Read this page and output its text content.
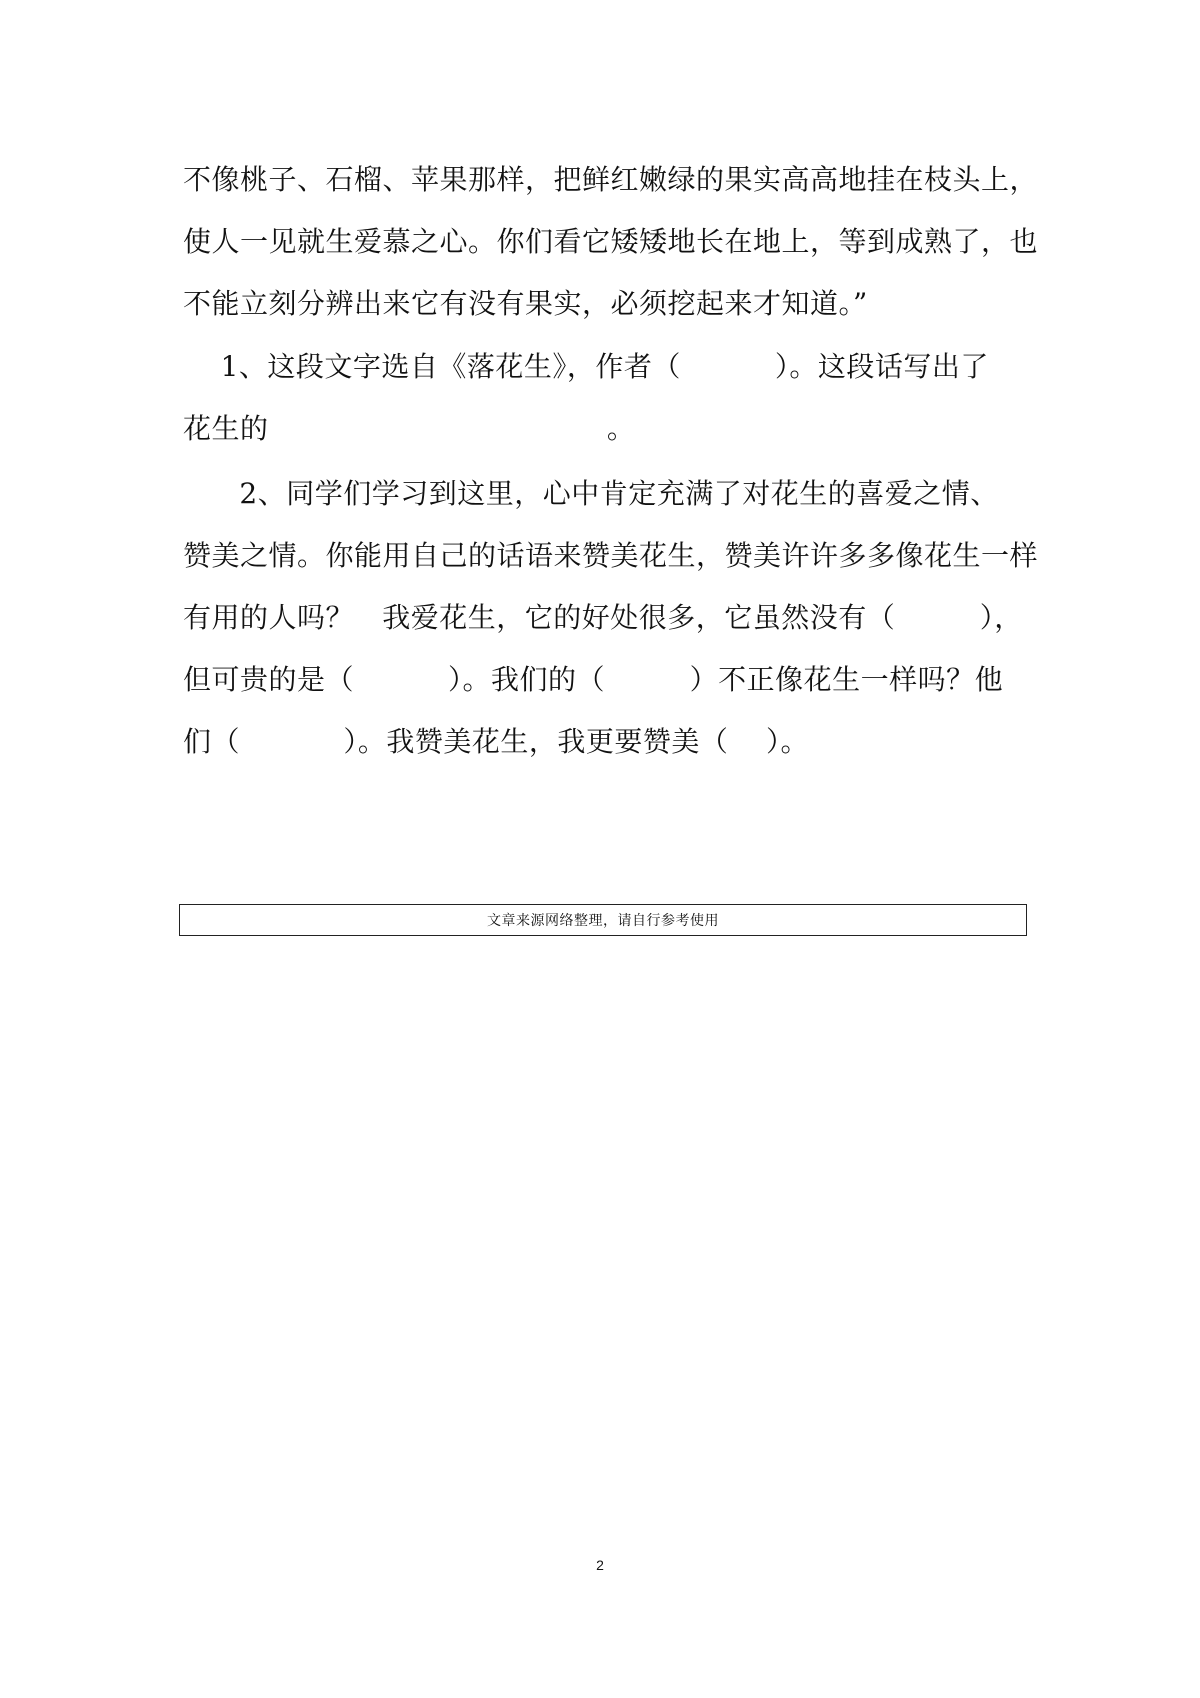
不像桃子、石榴、苹果那样，把鲜红嫩绿的果实高高地挂在枝头上，
使人一见就生爱慕之心。你们看它矮矮地长在地上，等到成熟了，也
不能立刻分辨出来它有没有果实，必须挖起来才知道。”
1、这段文字选自《落花生》，作者（          ）。这段话写出了
花生的                                    。
2、同学们学习到这里，心中肯定充满了对花生的喜爱之情、
赞美之情。你能用自己的话语来赞美花生，赞美许许多多像花生一样
有用的人吗？   我爱花生，它的好处很多，它虽然没有（         ），
但可贵的是（          ）。我们的（         ）不正像花生一样吗？他
们（           ）。我赞美花生，我更要赞美（    ）。
文章来源网络整理，请自行参考使用
2
